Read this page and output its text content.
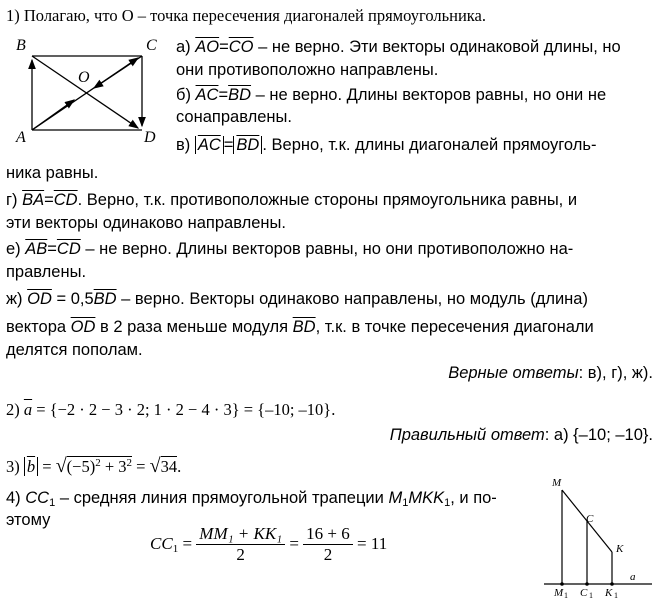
1) Полагаю, что O – точка пересечения диагоналей прямоугольника.
B	C
O
A	D
а) $\overline{AO}=\overline{CO}$ – не верно. Эти векторы одинаковой длины, но
они противоположно направлены.
б) $\overline{AC}=\overline{BD}$ – не верно. Длины векторов равны, но они не
сонаправлены.
в) $\overline{AC} = \overline{BD}$ . Верно, т.к. длины диагоналей прямоуголь-
ника равны.
г) $\overline{BA}=\overline{CD}$. Верно, т.к. противоположные стороны прямоугольника равны, и
эти векторы одинаково направлены.
е) $\overline{AB}=\overline{CD}$ – не верно. Длины векторов равны, но они противоположно на-
правлены.
ж) $\overline{OD} = 0,5\overline{BD}$ – верно. Векторы одинаково направлены, но модуль (длина)
вектора $\overline{OD}$ в 2 раза меньше модуля $\overline{BD}$, т.к. в точке пересечения диагонали
делятся пополам.
Верные ответы: в), г), ж).
2) $\overline{a} = \{-2 \cdot 2 - 3 \cdot 2$; 1 · 2 − 4 · 3} = {–10; –10}.
Правильный ответ: а) {–10; –10}.
3) $\overline{b} = √(-5)^2 + 3^2 = √34$.
4) $CC_1$ – средняя линия прямоугольной трапеции $M_1MKK_1$, и по-
этому
$CC_1 = \frac{\text{MM₁ + KK₁}}{2} = \frac{16 + 6}{2} = 11$
M
C
K
a
M 1 C 1 K 1
